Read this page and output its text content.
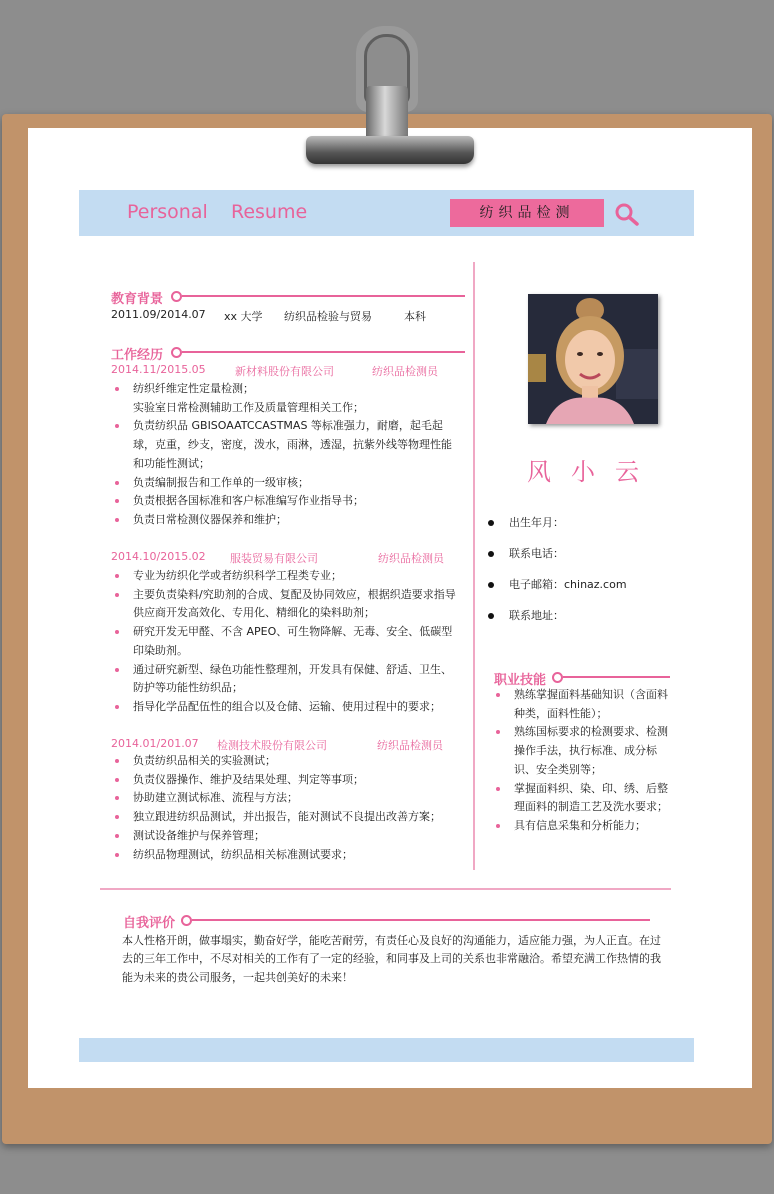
Personal Resume	纺织品检测
教育背景
2011.09/2014.07 xx 大学 纺织品检验与贸易	本科
工作经历
2014.11/2015.05	新材料股份有限公司	纺织品检测员
纺织纤维定性定量检测；
实验室日常检测辅助工作及质量管理相关工作；
负责纺织品 GBISOAATCCASTMAS 等标准强力，耐磨，起毛起球，克重，纱支，密度，泼水，雨淋，透湿，抗紫外线等物理性能和功能性测试；
负责编制报告和工作单的一级审核；
负责根据各国标准和客户标准编写作业指导书；
负责日常检测仪器保养和维护；
2014.10/2015.02 服装贸易有限公司	纺织品检测员
专业为纺织化学或者纺织科学工程类专业；
主要负责染料/究助剂的合成、复配及协同效应，根据织造要求指导供应商开发高效化、专用化、精细化的染料助剂；
研究开发无甲醛、不含 APEO、可生物降解、无毒、安全、低碳型印染助剂。
通过研究新型、绿色功能性整理剂，开发具有保健、舒适、卫生、防护等功能性纺织品；
指导化学品配伍性的组合以及仓储、运输、使用过程中的要求；
2014.01/201.07 检测技术股份有限公司	纺织品检测员
负责纺织品相关的实验测试；
负责仪器操作、维护及结果处理、判定等事项；
协助建立测试标准、流程与方法；
独立跟进纺织品测试，并出报告，能对测试不良提出改善方案；
测试设备维护与保养管理；
纺织品物理测试，纺织品相关标准测试要求；
风小云
出生年月：
联系电话：
电子邮箱：chinaz.com
联系地址：
职业技能
熟练掌握面料基础知识（含面料种类，面料性能）；
熟练国标要求的检测要求、检测操作手法，执行标准、成分标识、安全类别等；
掌握面料织、染、印、绣、后整理面料的制造工艺及洗水要求；
具有信息采集和分析能力；
自我评价
本人性格开朗，做事塌实，勤奋好学，能吃苦耐劳，有责任心及良好的沟通能力，适应能力强，为人正直。在过去的三年工作中，不尽对相关的工作有了一定的经验，和同事及上司的关系也非常融洽。希望充满工作热情的我能为未来的贵公司服务，一起共创美好的未来！
